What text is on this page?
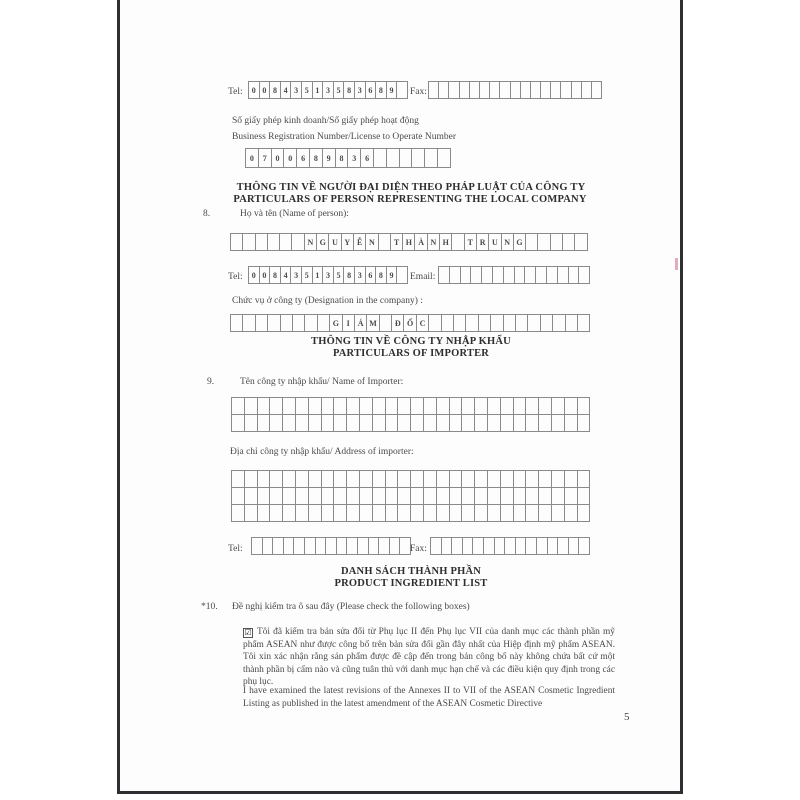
Tel:	0 0 8 4 3 5 1 3 5 8 3 6 8 9	Fax:
Số giấy phép kinh doanh/Số giấy phép hoạt động
Business Registration Number/License to Operate Number
0	7	0	0	6	8	9	8	3	6
THÔNG TIN VỀ NGƯỜI ĐẠI DIỆN THEO PHÁP LUẬT CỦA CÔNG TY
PARTICULARS OF PERSON REPRESENTING THE LOCAL COMPANY
8.	Họ và tên (Name of person):
N G U Y Ễ N	T H À N H	T R U N G
Tel:	0 0 8 4 3 5 1 3 5 8 3 6 8 9	Email:
Chức vụ ở công ty (Designation in the company) :
G I Á M	Đ Ố C
THÔNG TIN VỀ CÔNG TY NHẬP KHẨU
PARTICULARS OF IMPORTER
9.	Tên công ty nhập khẩu/ Name of Importer:

Địa chỉ công ty nhập khẩu/ Address of importer:

Tel:	Fax:
DANH SÁCH THÀNH PHẦN
PRODUCT INGREDIENT LIST
*10. Đề nghị kiểm tra ô sau đây (Please check the following boxes)
☑ Tôi đã kiểm tra bản sửa đổi từ Phụ lục II đến Phụ lục VII của danh mục các thành phần mỹ phẩm ASEAN như được công bố trên bản sửa đổi gần đây nhất của Hiệp định mỹ phẩm ASEAN. Tôi xin xác nhận rằng sản phẩm được đề cập đến trong bản công bố này không chứa bất cứ một thành phần bị cấm nào và cũng tuân thủ với danh mục hạn chế và các điều kiện quy định trong các phụ lục.
I have examined the latest revisions of the Annexes II to VII of the ASEAN Cosmetic Ingredient Listing as published in the latest amendment of the ASEAN Cosmetic Directive
5
